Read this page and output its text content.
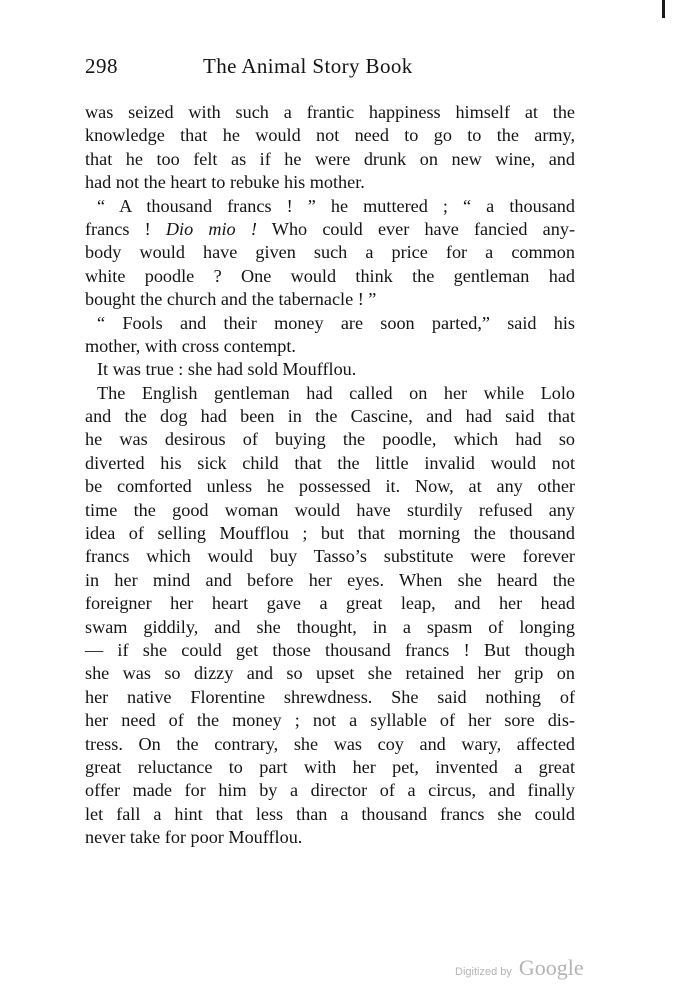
298	The Animal Story Book
was seized with such a frantic happiness himself at the
knowledge that he would not need to go to the army,
that he too felt as if he were drunk on new wine, and
had not the heart to rebuke his mother.
“ A thousand francs ! ” he muttered ; “ a thousand
francs ! Dio mio ! Who could ever have fancied any-
body would have given such a price for a common
white poodle ? One would think the gentleman had
bought the church and the tabernacle ! ”
“ Fools and their money are soon parted,” said his
mother, with cross contempt.
It was true : she had sold Moufflou.
The English gentleman had called on her while Lolo
and the dog had been in the Cascine, and had said that
he was desirous of buying the poodle, which had so
diverted his sick child that the little invalid would not
be comforted unless he possessed it. Now, at any other
time the good woman would have sturdily refused any
idea of selling Moufflou ; but that morning the thousand
francs which would buy Tasso’s substitute were forever
in her mind and before her eyes. When she heard the
foreigner her heart gave a great leap, and her head
swam giddily, and she thought, in a spasm of longing
— if she could get those thousand francs ! But though
she was so dizzy and so upset she retained her grip on
her native Florentine shrewdness. She said nothing of
her need of the money ; not a syllable of her sore dis-
tress. On the contrary, she was coy and wary, affected
great reluctance to part with her pet, invented a great
offer made for him by a director of a circus, and finally
let fall a hint that less than a thousand francs she could
never take for poor Moufflou.
Digitized by Google
